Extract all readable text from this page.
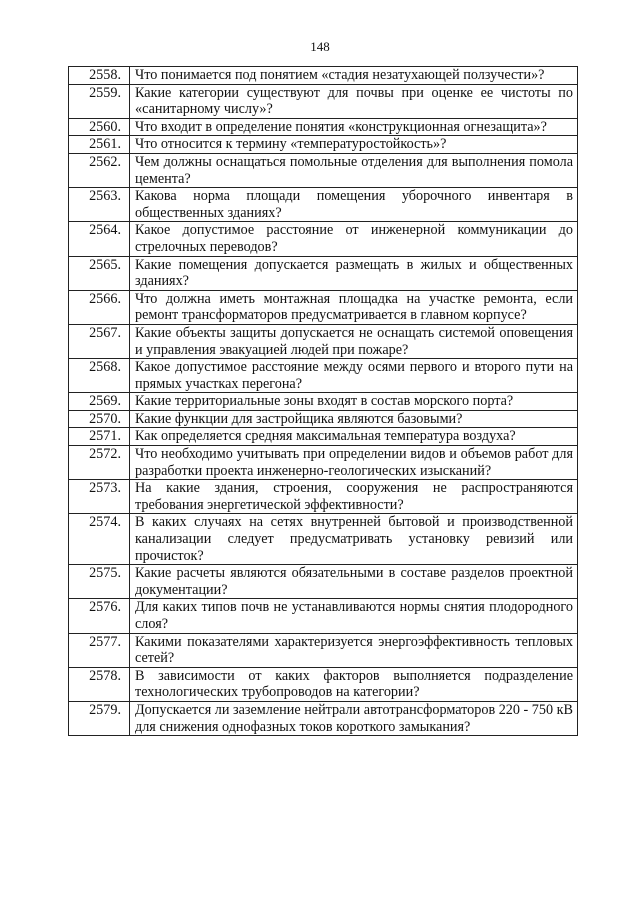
148
2558.	Что понимается под понятием «стадия незатухающей ползучести»?
2559.	Какие категории существуют для почвы при оценке ее чистоты по «санитарному числу»?
2560.	Что входит в определение понятия «конструкционная огнезащита»?
2561.	Что относится к термину «температуростойкость»?
2562.	Чем должны оснащаться помольные отделения для выполнения помола цемента?
2563.	Какова норма площади помещения уборочного инвентаря в общественных зданиях?
2564.	Какое допустимое расстояние от инженерной коммуникации до стрелочных переводов?
2565.	Какие помещения допускается размещать в жилых и общественных зданиях?
2566.	Что должна иметь монтажная площадка на участке ремонта, если ремонт трансформаторов предусматривается в главном корпусе?
2567.	Какие объекты защиты допускается не оснащать системой оповещения и управления эвакуацией людей при пожаре?
2568.	Какое допустимое расстояние между осями первого и второго пути на прямых участках перегона?
2569.	Какие территориальные зоны входят в состав морского порта?
2570.	Какие функции для застройщика являются базовыми?
2571.	Как определяется средняя максимальная температура воздуха?
2572.	Что необходимо учитывать при определении видов и объемов работ для разработки проекта инженерно-геологических изысканий?
2573.	На какие здания, строения, сооружения не распространяются требования энергетической эффективности?
2574.	В каких случаях на сетях внутренней бытовой и производственной канализации следует предусматривать установку ревизий или прочисток?
2575.	Какие расчеты являются обязательными в составе разделов проектной документации?
2576.	Для каких типов почв не устанавливаются нормы снятия плодородного слоя?
2577.	Какими показателями характеризуется энергоэффективность тепловых сетей?
2578.	В зависимости от каких факторов выполняется подразделение технологических трубопроводов на категории?
2579.	Допускается ли заземление нейтрали автотрансформаторов 220 - 750 кВ для снижения однофазных токов короткого замыкания?
